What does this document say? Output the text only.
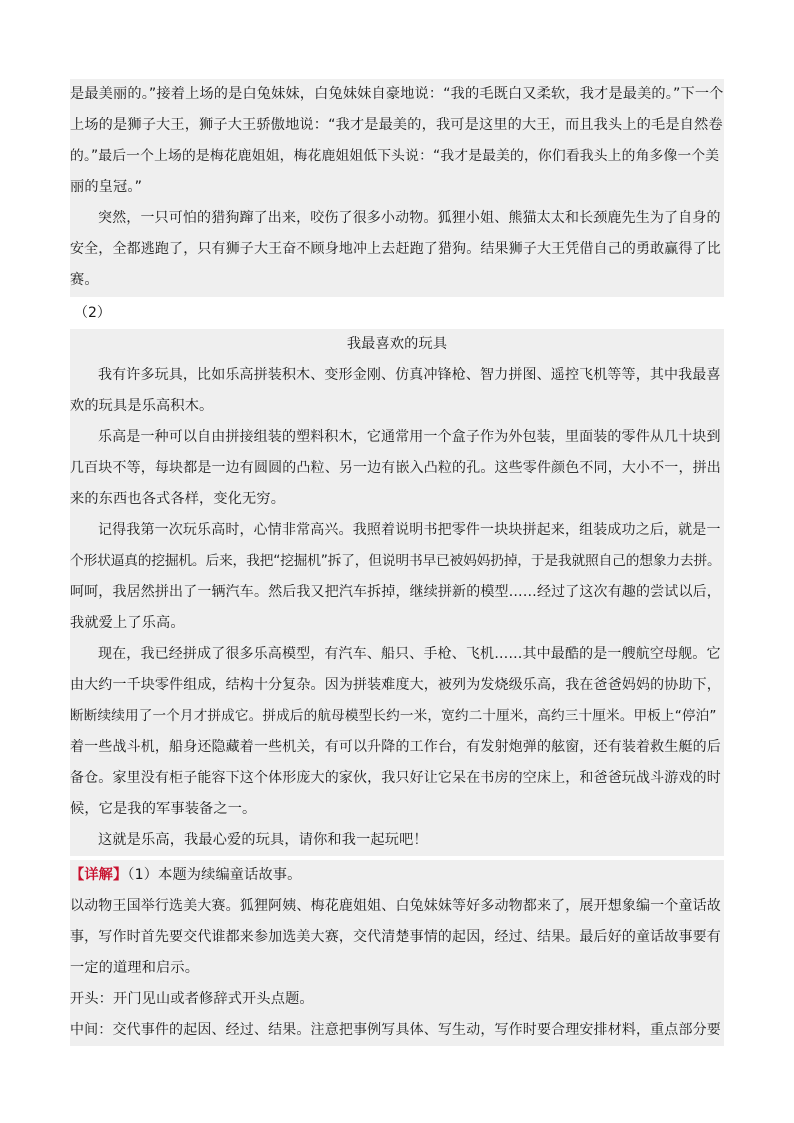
是最美丽的。”接着上场的是白兔妹妹，白兔妹妹自豪地说：“我的毛既白又柔软，我才是最美的。”下一个
上场的是狮子大王，狮子大王骄傲地说：“我才是最美的，我可是这里的大王，而且我头上的毛是自然卷
的。”最后一个上场的是梅花鹿姐姐，梅花鹿姐姐低下头说：“我才是最美的，你们看我头上的角多像一个美
丽的皇冠。”
突然，一只可怕的猎狗蹿了出来，咬伤了很多小动物。狐狸小姐、熊猫太太和长颈鹿先生为了自身的
安全，全都逃跑了，只有狮子大王奋不顾身地冲上去赶跑了猎狗。结果狮子大王凭借自己的勇敢赢得了比
赛。
（2）
我最喜欢的玩具
我有许多玩具，比如乐高拼装积木、变形金刚、仿真冲锋枪、智力拼图、遥控飞机等等，其中我最喜
欢的玩具是乐高积木。
乐高是一种可以自由拼接组装的塑料积木，它通常用一个盒子作为外包装，里面装的零件从几十块到
几百块不等，每块都是一边有圆圆的凸粒、另一边有嵌入凸粒的孔。这些零件颜色不同，大小不一，拼出
来的东西也各式各样，变化无穷。
记得我第一次玩乐高时，心情非常高兴。我照着说明书把零件一块块拼起来，组装成功之后，就是一
个形状逼真的挖掘机。后来，我把“挖掘机”拆了，但说明书早已被妈妈扔掉，于是我就照自己的想象力去拼。
呵呵，我居然拼出了一辆汽车。然后我又把汽车拆掉，继续拼新的模型……经过了这次有趣的尝试以后，
我就爱上了乐高。
现在，我已经拼成了很多乐高模型，有汽车、船只、手枪、飞机……其中最酷的是一艘航空母舰。它
由大约一千块零件组成，结构十分复杂。因为拼装难度大，被列为发烧级乐高，我在爸爸妈妈的协助下，
断断续续用了一个月才拼成它。拼成后的航母模型长约一米，宽约二十厘米，高约三十厘米。甲板上“停泊”
着一些战斗机，船身还隐藏着一些机关，有可以升降的工作台，有发射炮弹的舷窗，还有装着救生艇的后
备仓。家里没有柜子能容下这个体形庞大的家伙，我只好让它呆在书房的空床上，和爸爸玩战斗游戏的时
候，它是我的军事装备之一。
这就是乐高，我最心爱的玩具，请你和我一起玩吧！
【详解】（1）本题为续编童话故事。
以动物王国举行选美大赛。狐狸阿姨、梅花鹿姐姐、白兔妹妹等好多动物都来了，展开想象编一个童话故
事，写作时首先要交代谁都来参加选美大赛，交代清楚事情的起因，经过、结果。最后好的童话故事要有
一定的道理和启示。
开头：开门见山或者修辞式开头点题。
中间：交代事件的起因、经过、结果。注意把事例写具体、写生动，写作时要合理安排材料，重点部分要
